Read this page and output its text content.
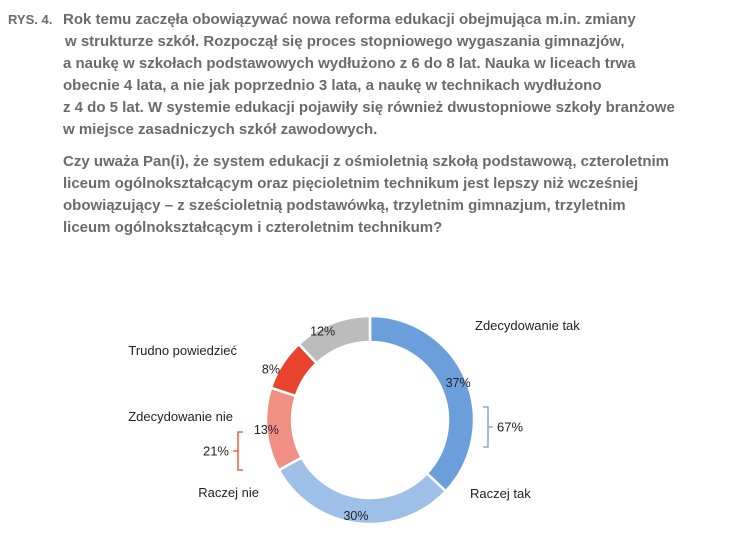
RYS. 4. Rok temu zaczęła obowiązywać nowa reforma edukacji obejmująca m.in. zmiany
w strukturze szkół. Rozpoczął się proces stopniowego wygaszania gimnazjów,
a naukę w szkołach podstawowych wydłużono z 6 do 8 lat. Nauka w liceach trwa
obecnie 4 lata, a nie jak poprzednio 3 lata, a naukę w technikach wydłużono
z 4 do 5 lat. W systemie edukacji pojawiły się również dwustopniowe szkoły branżowe
w miejsce zasadniczych szkół zawodowych.
Czy uważa Pan(i), że system edukacji z ośmioletnią szkołą podstawową, czteroletnim
liceum ogólnokształcącym oraz pięcioletnim technikum jest lepszy niż wcześniej
obowiązujący – z sześcioletnią podstawówką, trzyletnim gimnazjum, trzyletnim
liceum ogólnokształcącym i czteroletnim technikum?
67%
21%
37%
Zdecydowanie tak
30%
Raczej tak
13%
Raczej nie
8%
Zdecydowanie nie
12%
Trudno powiedzieć
